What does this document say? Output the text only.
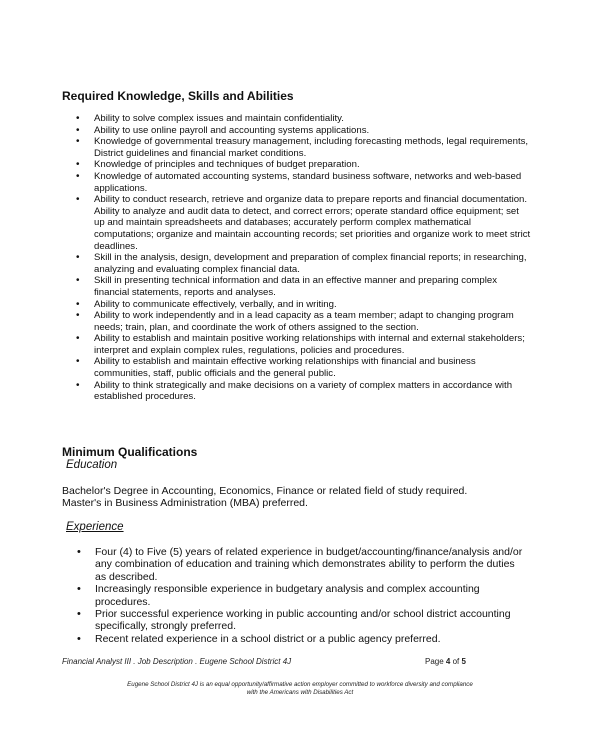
Required Knowledge, Skills and Abilities
• Ability to solve complex issues and maintain confidentiality.
• Ability to use online payroll and accounting systems applications.
• Knowledge of governmental treasury management, including forecasting methods, legal requirements, District guidelines and financial market conditions.
• Knowledge of principles and techniques of budget preparation.
• Knowledge of automated accounting systems, standard business software, networks and web-based applications.
• Ability to conduct research, retrieve and organize data to prepare reports and financial documentation. Ability to analyze and audit data to detect, and correct errors; operate standard office equipment; set up and maintain spreadsheets and databases; accurately perform complex mathematical computations; organize and maintain accounting records; set priorities and organize work to meet strict deadlines.
• Skill in the analysis, design, development and preparation of complex financial reports; in researching, analyzing and evaluating complex financial data.
• Skill in presenting technical information and data in an effective manner and preparing complex financial statements, reports and analyses.
• Ability to communicate effectively, verbally, and in writing.
• Ability to work independently and in a lead capacity as a team member; adapt to changing program needs; train, plan, and coordinate the work of others assigned to the section.
• Ability to establish and maintain positive working relationships with internal and external stakeholders; interpret and explain complex rules, regulations, policies and procedures.
• Ability to establish and maintain effective working relationships with financial and business communities, staff, public officials and the general public.
• Ability to think strategically and make decisions on a variety of complex matters in accordance with established procedures.
Minimum Qualifications
Education
Bachelor's Degree in Accounting, Economics, Finance or related field of study required.
Master's in Business Administration (MBA) preferred.
Experience
• Four (4) to Five (5) years of related experience in budget/accounting/finance/analysis and/or any combination of education and training which demonstrates ability to perform the duties as described.
• Increasingly responsible experience in budgetary analysis and complex accounting procedures.
• Prior successful experience working in public accounting and/or school district accounting specifically, strongly preferred.
• Recent related experience in a school district or a public agency preferred.
Financial Analyst III . Job Description . Eugene School District 4J	Page 4 of 5
Eugene School District 4J is an equal opportunity/affirmative action employer committed to workforce diversity and compliance
with the Americans with Disabilities Act
